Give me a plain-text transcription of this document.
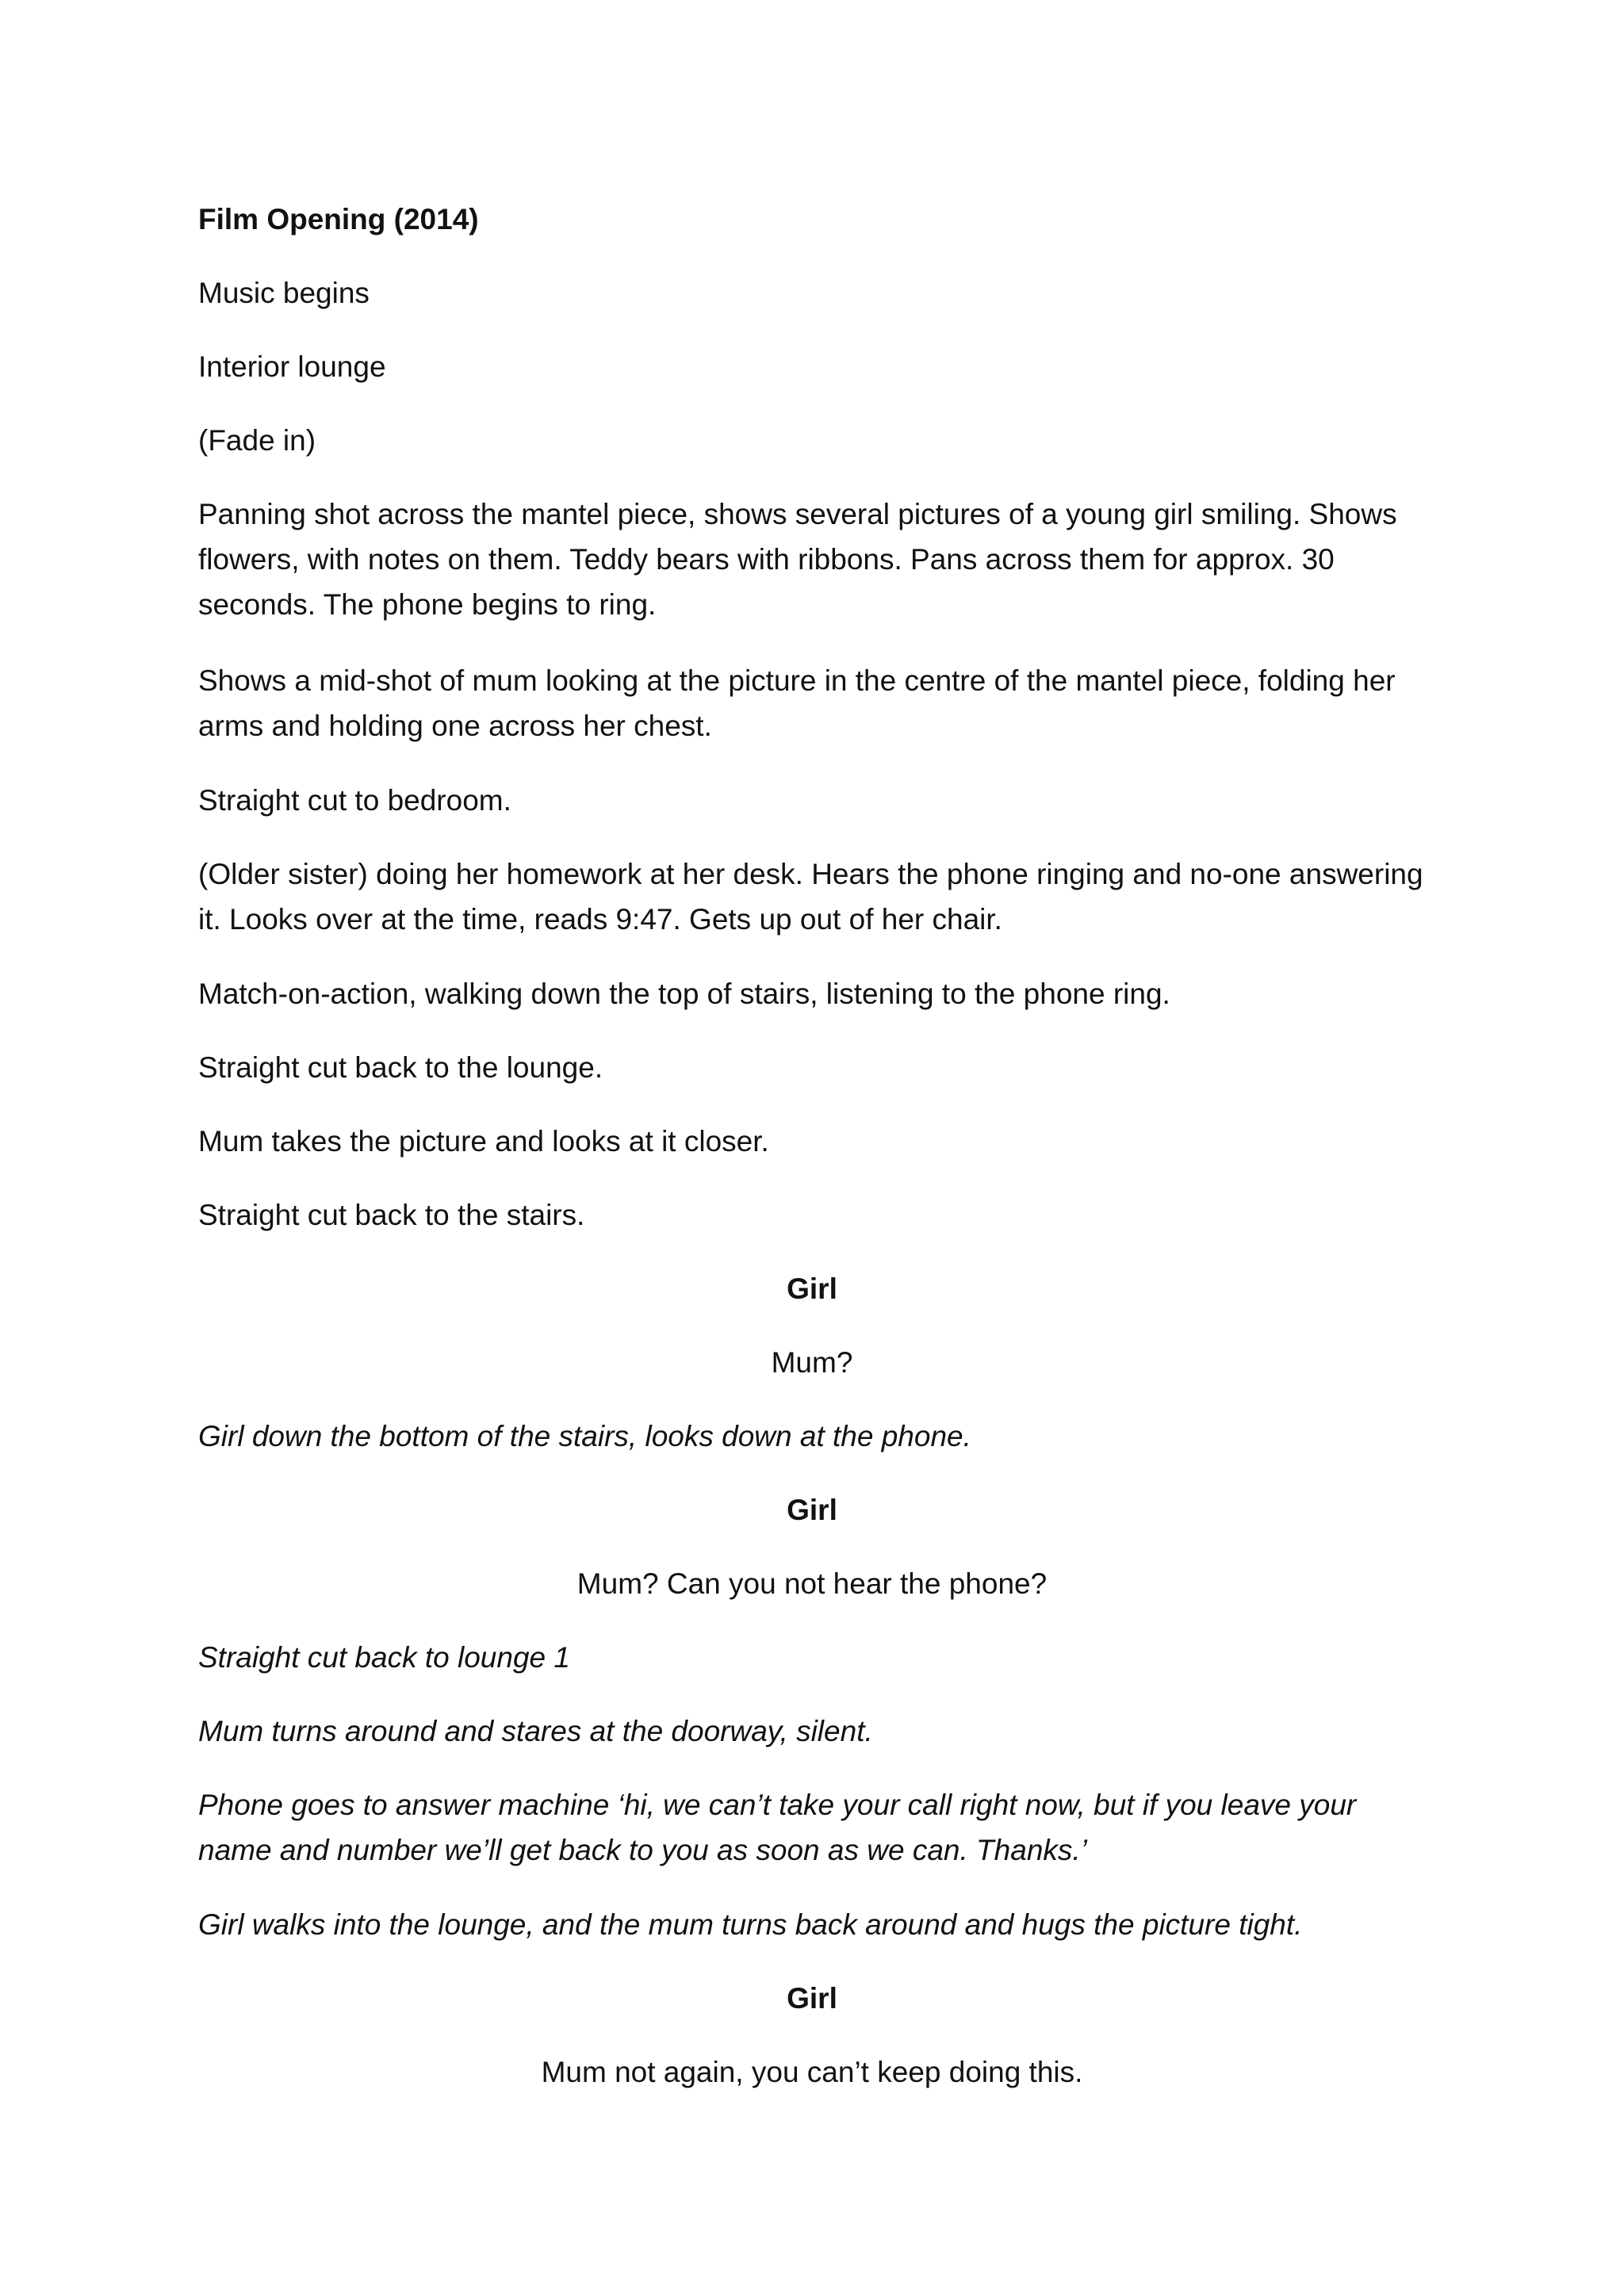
Film Opening (2014)

Music begins

Interior lounge

(Fade in)

Panning shot across the mantel piece, shows several pictures of a young girl smiling. Shows flowers, with notes on them. Teddy bears with ribbons. Pans across them for approx. 30 seconds. The phone begins to ring.

Shows a mid-shot of mum looking at the picture in the centre of the mantel piece, folding her arms and holding one across her chest.

Straight cut to bedroom.

(Older sister) doing her homework at her desk. Hears the phone ringing and no-one answering it. Looks over at the time, reads 9:47. Gets up out of her chair.

Match-on-action, walking down the top of stairs, listening to the phone ring.

Straight cut back to the lounge.

Mum takes the picture and looks at it closer.

Straight cut back to the stairs.

Girl

Mum?

Girl down the bottom of the stairs, looks down at the phone.

Girl

Mum? Can you not hear the phone?

Straight cut back to lounge 1

Mum turns around and stares at the doorway, silent.

Phone goes to answer machine ‘hi, we can’t take your call right now, but if you leave your name and number we’ll get back to you as soon as we can. Thanks.’

Girl walks into the lounge, and the mum turns back around and hugs the picture tight.

Girl

Mum not again, you can’t keep doing this.
